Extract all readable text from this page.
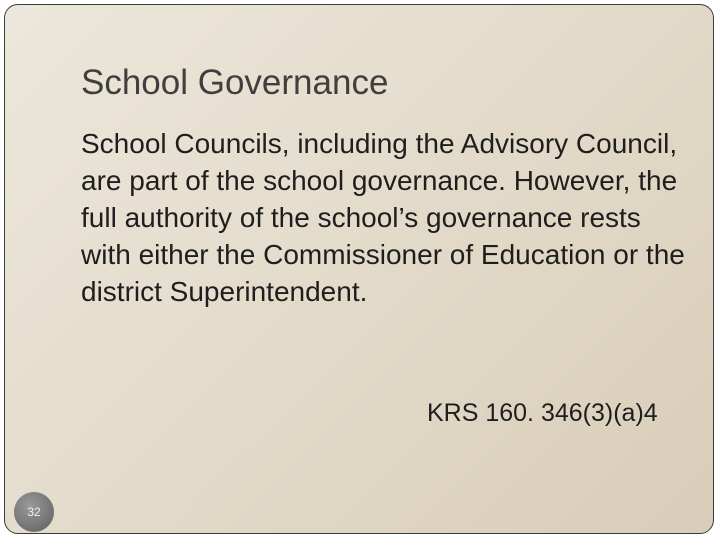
School Governance
School Councils, including the Advisory Council, are part of the school governance. However, the full authority of the school’s governance rests with either the Commissioner of Education or the district Superintendent.
KRS 160. 346(3)(a)4
32
